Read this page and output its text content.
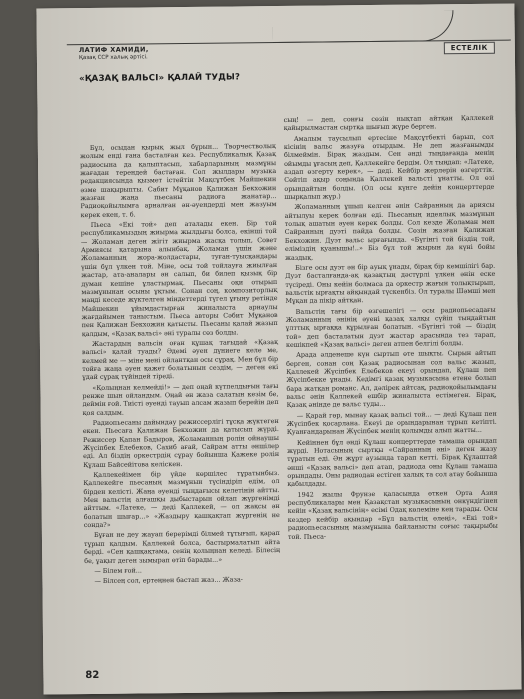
ЕСТЕЛІК
ЛАТИФ ХАМИДИ,
Қазақ ССР халық әртісі.
«ҚАЗАҚ ВАЛЬСІ» ҚАЛАЙ ТУДЫ?

Бұл, осыдан қырық жыл бұрын... Творчестволық жолым енді ғана басталған кез. Республикалық Қазақ радиосына да қалыптасып, хабарларының мазмұны жағадан терендей бастаған. Сол жылдары музыка редакциясында қызмет істейтін Мақсұтбек Майшекин әзме шақырыпты. Сабит Мұқанов Қалижан Бекхожин жазған жаңа пьесаны радиоға жанатар... Радиоқойылымға арналған ән-әуендерді мен жазуым керек екен, т. б.

Пьеса «Екі той» деп аталады екен. Бір той республикамыздың жиырма жылдығы болса, екінші той — Жоламан деген жігіт жиырма жасқа толып, Совет Армиясы қатарына алынбақ. Жоламан үшін жәнe Жоламанның жора-жолдастары, туған-туысқандары үшін бұл үлкен той. Міне, осы той тойлауға жиылған жастар, ата-аналары ән салып, би билеп қызық бір думан кешіне ұластырмақ. Пьесаны оқи отырып мазмұнынан осыны ұқтым. Сонан соң, композиторлық маңді кеседе жүктелген міндеттерді түгел ұғыну ретінде Майшекин ұйымдастырған жиналыста арнаулы жағдайымен таныстым. Пьеса авторы Сәбит Мұқанов пен Қалижан Бекхожин қатысты. Пьесаны қалай жазып қалдым, «Қазақ вальсі» әні туралы сөз болды.

Жастардың вальсін оған құшақ тағыдай «Қазақ вальсі» қалай туады? Әдемі әуен дүниеге келе ме, келмей ме — міне мені ойлантқан осы сұрақ. Мен бұл бір тойға жаңа әуен қажет болатынын сездім, — деген екі ұдай сұрақ түйіндей тіреді.

«Қолыңнан келмейді!» — деп оңай күтпелдығын тағы ренже шын ойландым. Оңай ән жаза салатын кезім бе, деймін ғой. Тиісті әуенді тауып алсам жазып берейін деп қоя салдым.

Радиопьесаны дайындау режиссерлігі тұсқа жүктеген екен. Пьесаға Қалижан Бекхожин да қатысып жүрді. Режиссер Қапан Бадыров, Жоламанның ролін ойнаушы Жүсіпбек Елебеков, Сахиб ағай, Сайрам атты әншілер еді. Ал біздің оркестрдің сұрау бойынша Қажеке ролін Құлаш Байсейітова келіскен.

Қаллекейімен бір үйде көршілес тұратынбыз. Қаллекейге пьесаның мазмұнын түсіндіріп едім, ол бірден келісті. Жаңа әуенді тыңдағысы келетінін айтты. Мен вальстің алғашқы дыбыстарын ойлап жүргенімді айттым. «Латеке, — деді Қаллекей, — ол жақсы ән болатын шығар...» «Жаздыру қашқақтап жүргенің не сонда?»

Бұған не деу жауап берерімді білмей тұтығып, қарап тұрып қалдым. Қаллекей болса, бастырмалатып айта берді. «Сен қашқақтама, сенің қолыңнан келеді. Білесің бе, ұақыт деген зымырап өтіп барады...»

— Білем ғой...

— Білсең сол, ертеңнен бастап жаз... Жаза-

сың! — деп, сонғы сөзін нықтап айтқан Қаллекей қайырылмастан сыртқа шығып жүре берген.

Амалым таусылып ертесіне Мақсұтбекті барып, сол кісінің вальс жазуға отырдым. Не деп жазғанымды білмеймін. Бірақ жаздым. Сен әнді тыңдағанда менің ойымды ұғасың деп, Қаллекейге бердім. Ол тыңдап: «Латеке, аздап өзгерту керек», — деді. Кейбір жерлерін өзгерттік. Сөйтіп ақыр соңында Қаллекей вальсті ұнатты. Ол өзі орындайтын болды. (Ол осы күнге дейін концерттерде шырқалып жүр.)

Жоламанның ұшып келген әнін Сайранның да ариясы айтылуы керек болған еді. Пьесаның идеялық мазмұнын толық ашатын әуен керек болды. Сол кезде Жоламан мен Сайранның дуэті пайда болды. Сөзін жазған Қалижан Бекхожин. Дуэт вальс ырғағында. «Бүгінгі той біздің той, еліміздің қуанышы!..» Біз бұл той жырын да күні бойы жаздық.

Бізге осы дуэт ән бір ауық ұнады, бірақ бір кемшілігі бар. Дуэт басталғанда-ақ қазақтың дәстүрлі үлкен әнін еске түсіреді. Оны кейін болмаса да оркестр жағын толықтырып, вальстік ырғақты айқындай түскенбіз. Ол туралы Шәмші мен Мұқан да пікір айтқан.

Вальстің тағы бір өзгешелігі — осы радиопьесадағы Жоламанның әнінің әуені қазақ халқы сүйіп тыңдайтын ұлттық ырғаққа құрылған болатын. «Бүгінгі той — біздің той» деп басталатын дуэт жастар арасында тез тарап, кешікпей «Қазақ вальсі» деген атпен белгілі болды.

Арада әлденеше күн сыртып өте шықты. Сырын айтып берген, сонан соң Қазақ радиосынан сол вальс жазып, Қаллекей Жүсіпбек Елебеков екеуі орындап, Құлаш пен Жүсіпбекке ұнады. Кедімгі қазақ музыкасына етене болып бара жатқан романс. Ал, дәлірек айтсақ, радиоқойылымдағы вальс әнін Қаллекей ешбір жиналыста естімеген. Бірақ, Қазақ әнінде де вальс туды...

— Қарай гөр, мынау қазақ вальсі той... — деді Құлаш пен Жүсіпбек қосарлана. Екеуі де орындарынан тұрып кетіпті. Қуанғандарынан Жүсіпбек менің қолымды алып жатты...

Кейіннен бұл әнді Құлаш концерттерде тамаша орындап жүрді. Нотасының сыртқы «Сайранның әні» деген жазу тұратын еді. Ән жұрт аузында тарап кетті. Бірақ Құлаштай әнші «Қазақ вальсі» деп атап, радиода оны Құлаш тамаша орындады. Оны радиодан естіген халық та сол атау бойынша қабылдады.

1942 жылы Фрунзе қаласында өткен Орта Азия республикалары мен Қазақстан музыкасының онкүндігінен кейін «Қазақ вальсінің» есімі Одақ көлеміне кең тарады. Осы кездер кейбір ақындар «Бұл вальстің өлеңі», «Екі той» радиопьесасының мазмұнына байланысты соғыс тақырыбы той. Пьеса-

82
